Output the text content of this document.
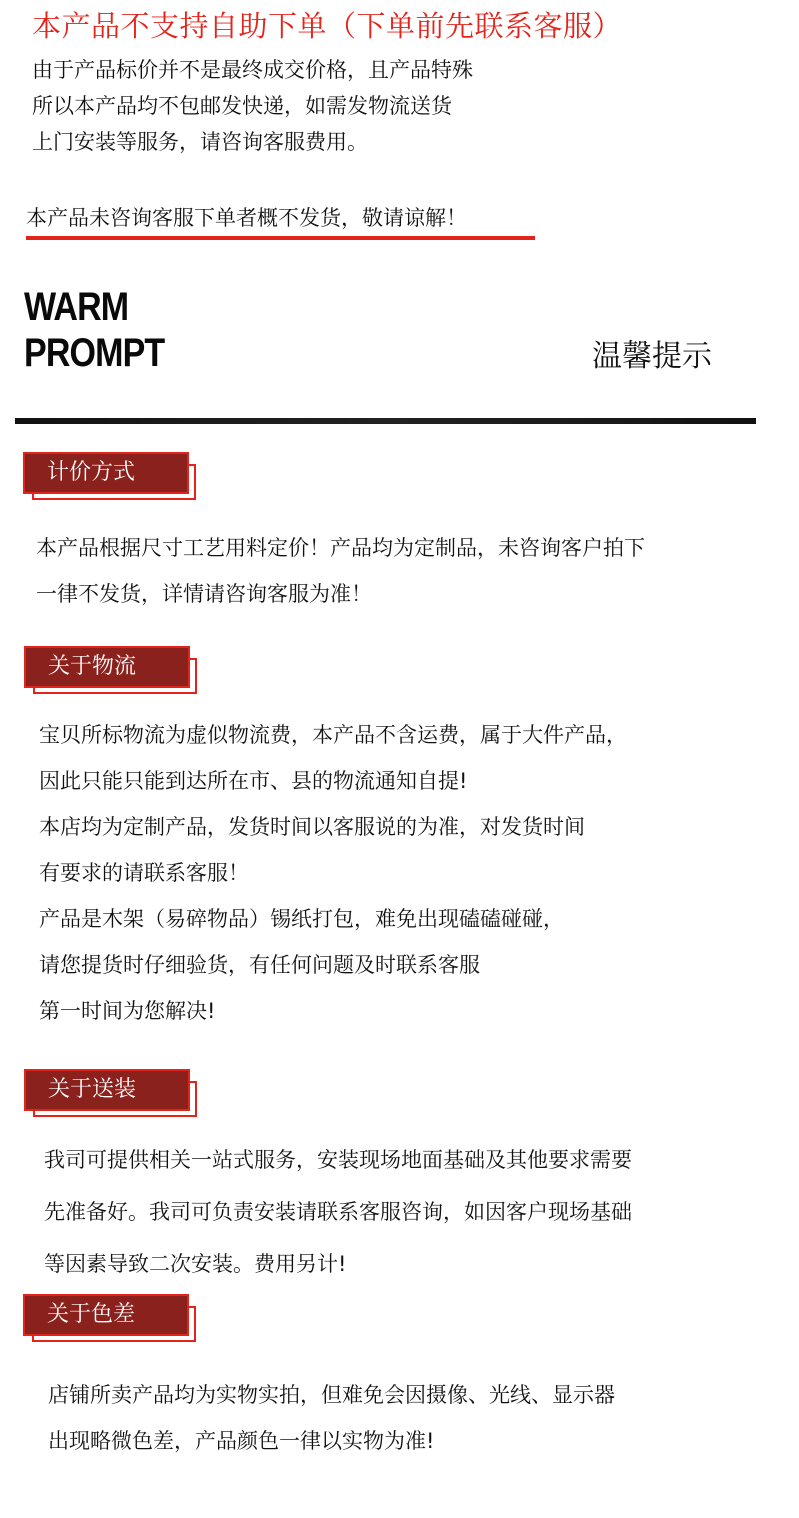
本产品不支持自助下单（下单前先联系客服）
由于产品标价并不是最终成交价格，且产品特殊
所以本产品均不包邮发快递，如需发物流送货
上门安装等服务，请咨询客服费用。
本产品未咨询客服下单者概不发货，敬请谅解！
WARM
PROMPT	温馨提示
计价方式
本产品根据尺寸工艺用料定价！产品均为定制品，未咨询客户拍下
一律不发货，详情请咨询客服为准！
关于物流
宝贝所标物流为虚似物流费，本产品不含运费，属于大件产品，
因此只能只能到达所在市、县的物流通知自提!
本店均为定制产品，发货时间以客服说的为准，对发货时间
有要求的请联系客服！
产品是木架（易碎物品）锡纸打包，难免出现磕磕碰碰，
请您提货时仔细验货，有任何问题及时联系客服
第一时间为您解决!
关于送装
我司可提供相关一站式服务，安装现场地面基础及其他要求需要
先准备好。我司可负责安装请联系客服咨询，如因客户现场基础
等因素导致二次安装。费用另计!
关于色差
店铺所卖产品均为实物实拍，但难免会因摄像、光线、显示器
出现略微色差，产品颜色一律以实物为准!
